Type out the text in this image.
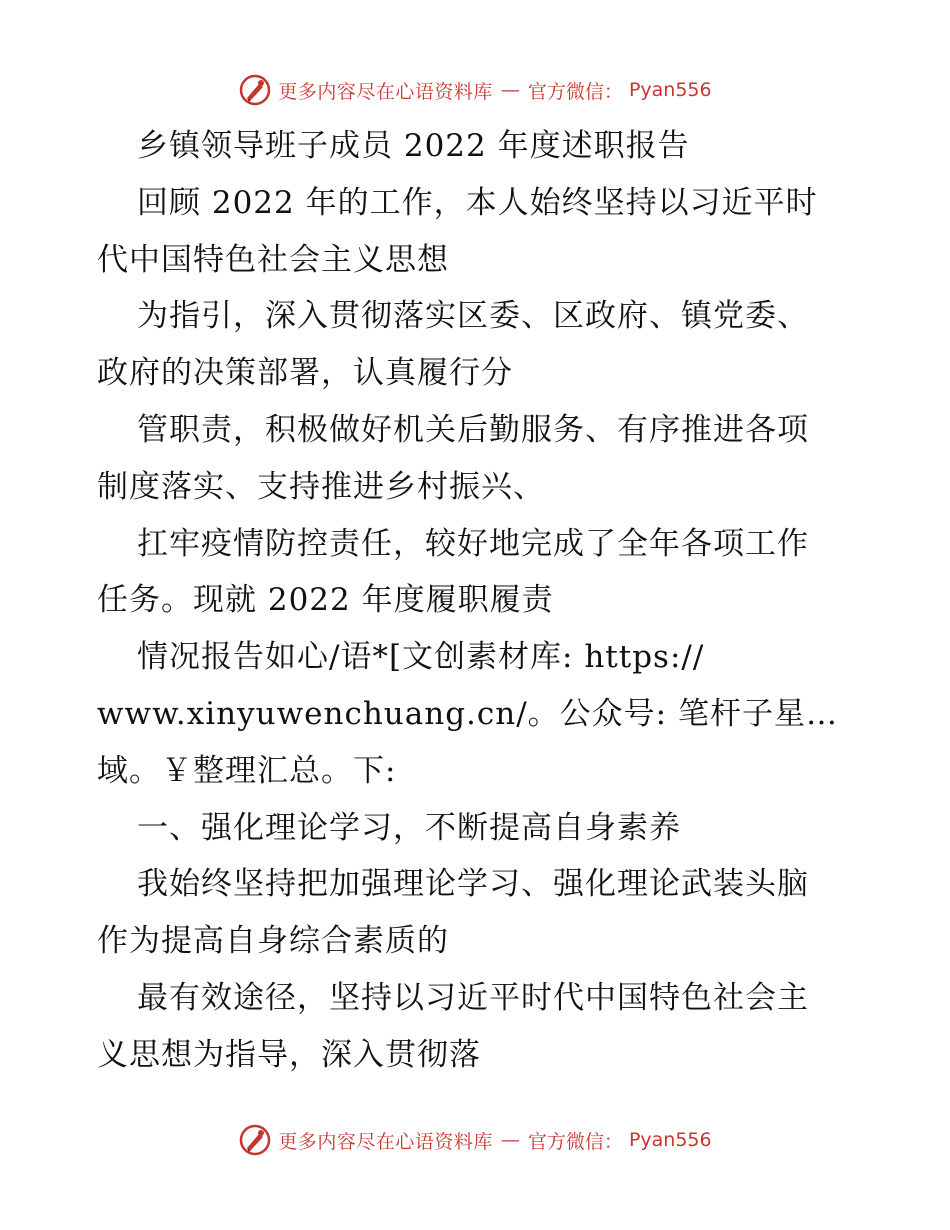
更多内容尽在心语资料库 — 官方微信： Pyan556
乡镇领导班子成员 2022 年度述职报告
回顾 2022 年的工作，本人始终坚持以习近平时
代中国特色社会主义思想
为指引，深入贯彻落实区委、区政府、镇党委、
政府的决策部署，认真履行分
管职责，积极做好机关后勤服务、有序推进各项
制度落实、支持推进乡村振兴、
扛牢疫情防控责任，较好地完成了全年各项工作
任务。现就 2022 年度履职履责
情况报告如心/语*[文创素材库: https://
www.xinyuwenchuang.cn/。公众号: 笔杆子星…
域。￥整理汇总。下:
一、强化理论学习，不断提高自身素养
我始终坚持把加强理论学习、强化理论武装头脑
作为提高自身综合素质的
最有效途径，坚持以习近平时代中国特色社会主
义思想为指导，深入贯彻落
更多内容尽在心语资料库 — 官方微信： Pyan556
